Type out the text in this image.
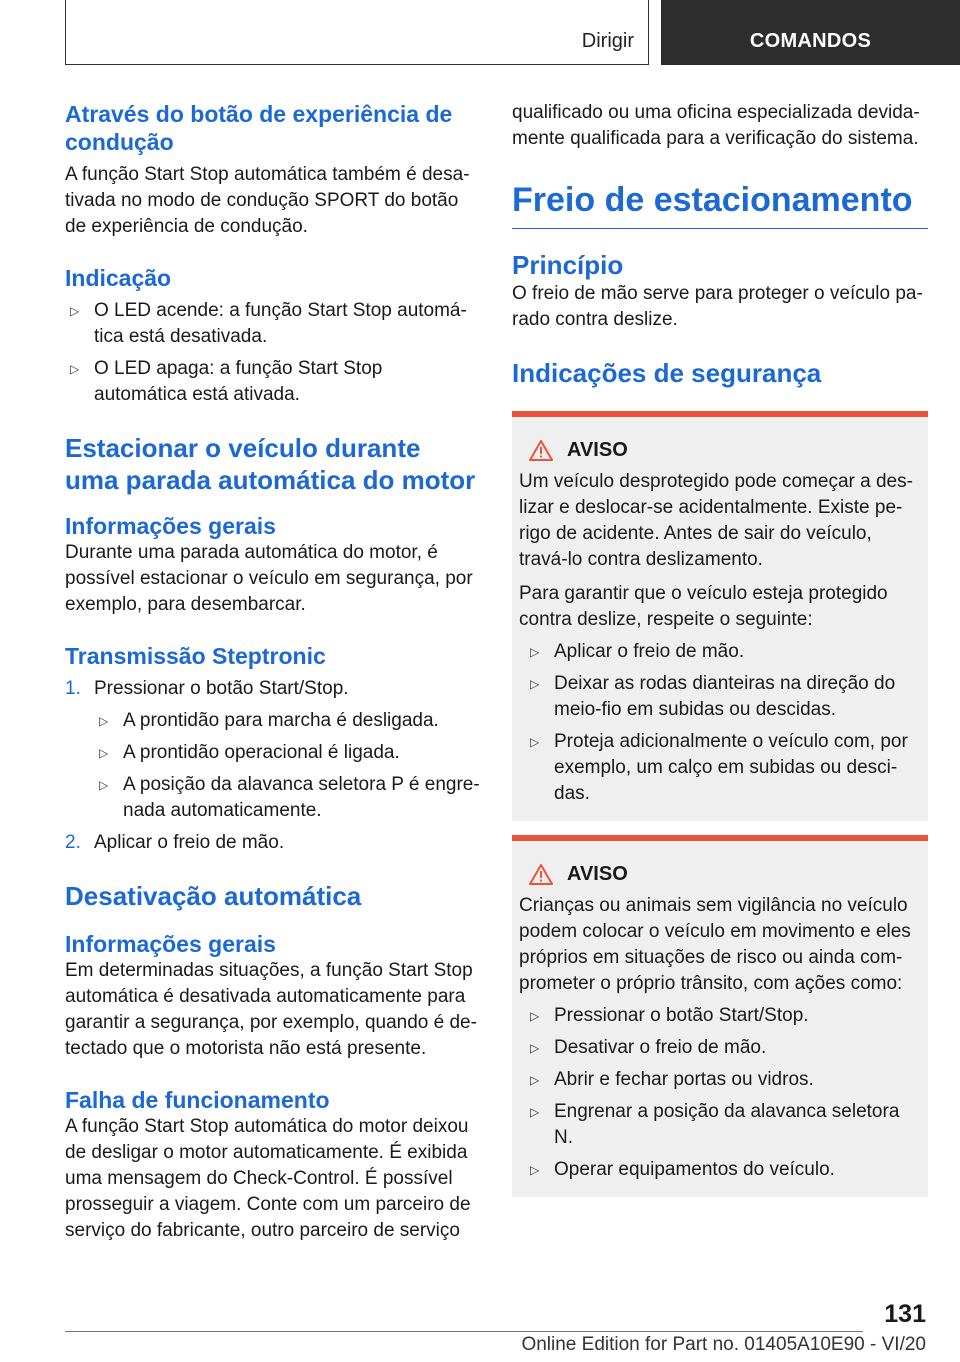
Dirigir	COMANDOS
Através do botão de experiência de condução
A função Start Stop automática também é desativada no modo de condução SPORT do botão de experiência de condução.
Indicação
▷ O LED acende: a função Start Stop automática está desativada.
▷ O LED apaga: a função Start Stop automática está ativada.
Estacionar o veículo durante uma parada automática do motor
Informações gerais
Durante uma parada automática do motor, é possível estacionar o veículo em segurança, por exemplo, para desembarcar.
Transmissão Steptronic
1. Pressionar o botão Start/Stop.
▷ A prontidão para marcha é desligada.
▷ A prontidão operacional é ligada.
▷ A posição da alavanca seletora P é engrenada automaticamente.
2. Aplicar o freio de mão.
Desativação automática
Informações gerais
Em determinadas situações, a função Start Stop automática é desativada automaticamente para garantir a segurança, por exemplo, quando é detectado que o motorista não está presente.
Falha de funcionamento
A função Start Stop automática do motor deixou de desligar o motor automaticamente. É exibida uma mensagem do Check-Control. É possível prosseguir a viagem. Conte com um parceiro de serviço do fabricante, outro parceiro de serviço
qualificado ou uma oficina especializada devidamente qualificada para a verificação do sistema.
Freio de estacionamento
Princípio
O freio de mão serve para proteger o veículo parado contra deslize.
Indicações de segurança
AVISO
Um veículo desprotegido pode começar a deslizar e deslocar-se acidentalmente. Existe perigo de acidente. Antes de sair do veículo, travá-lo contra deslizamento.
Para garantir que o veículo esteja protegido contra deslize, respeite o seguinte:
▷ Aplicar o freio de mão.
▷ Deixar as rodas dianteiras na direção do meio-fio em subidas ou descidas.
▷ Proteja adicionalmente o veículo com, por exemplo, um calço em subidas ou descidas.
AVISO
Crianças ou animais sem vigilância no veículo podem colocar o veículo em movimento e eles próprios em situações de risco ou ainda comprometer o próprio trânsito, com ações como:
▷ Pressionar o botão Start/Stop.
▷ Desativar o freio de mão.
▷ Abrir e fechar portas ou vidros.
▷ Engrenar a posição da alavanca seletora N.
▷ Operar equipamentos do veículo.
131
Online Edition for Part no. 01405A10E90 - VI/20
